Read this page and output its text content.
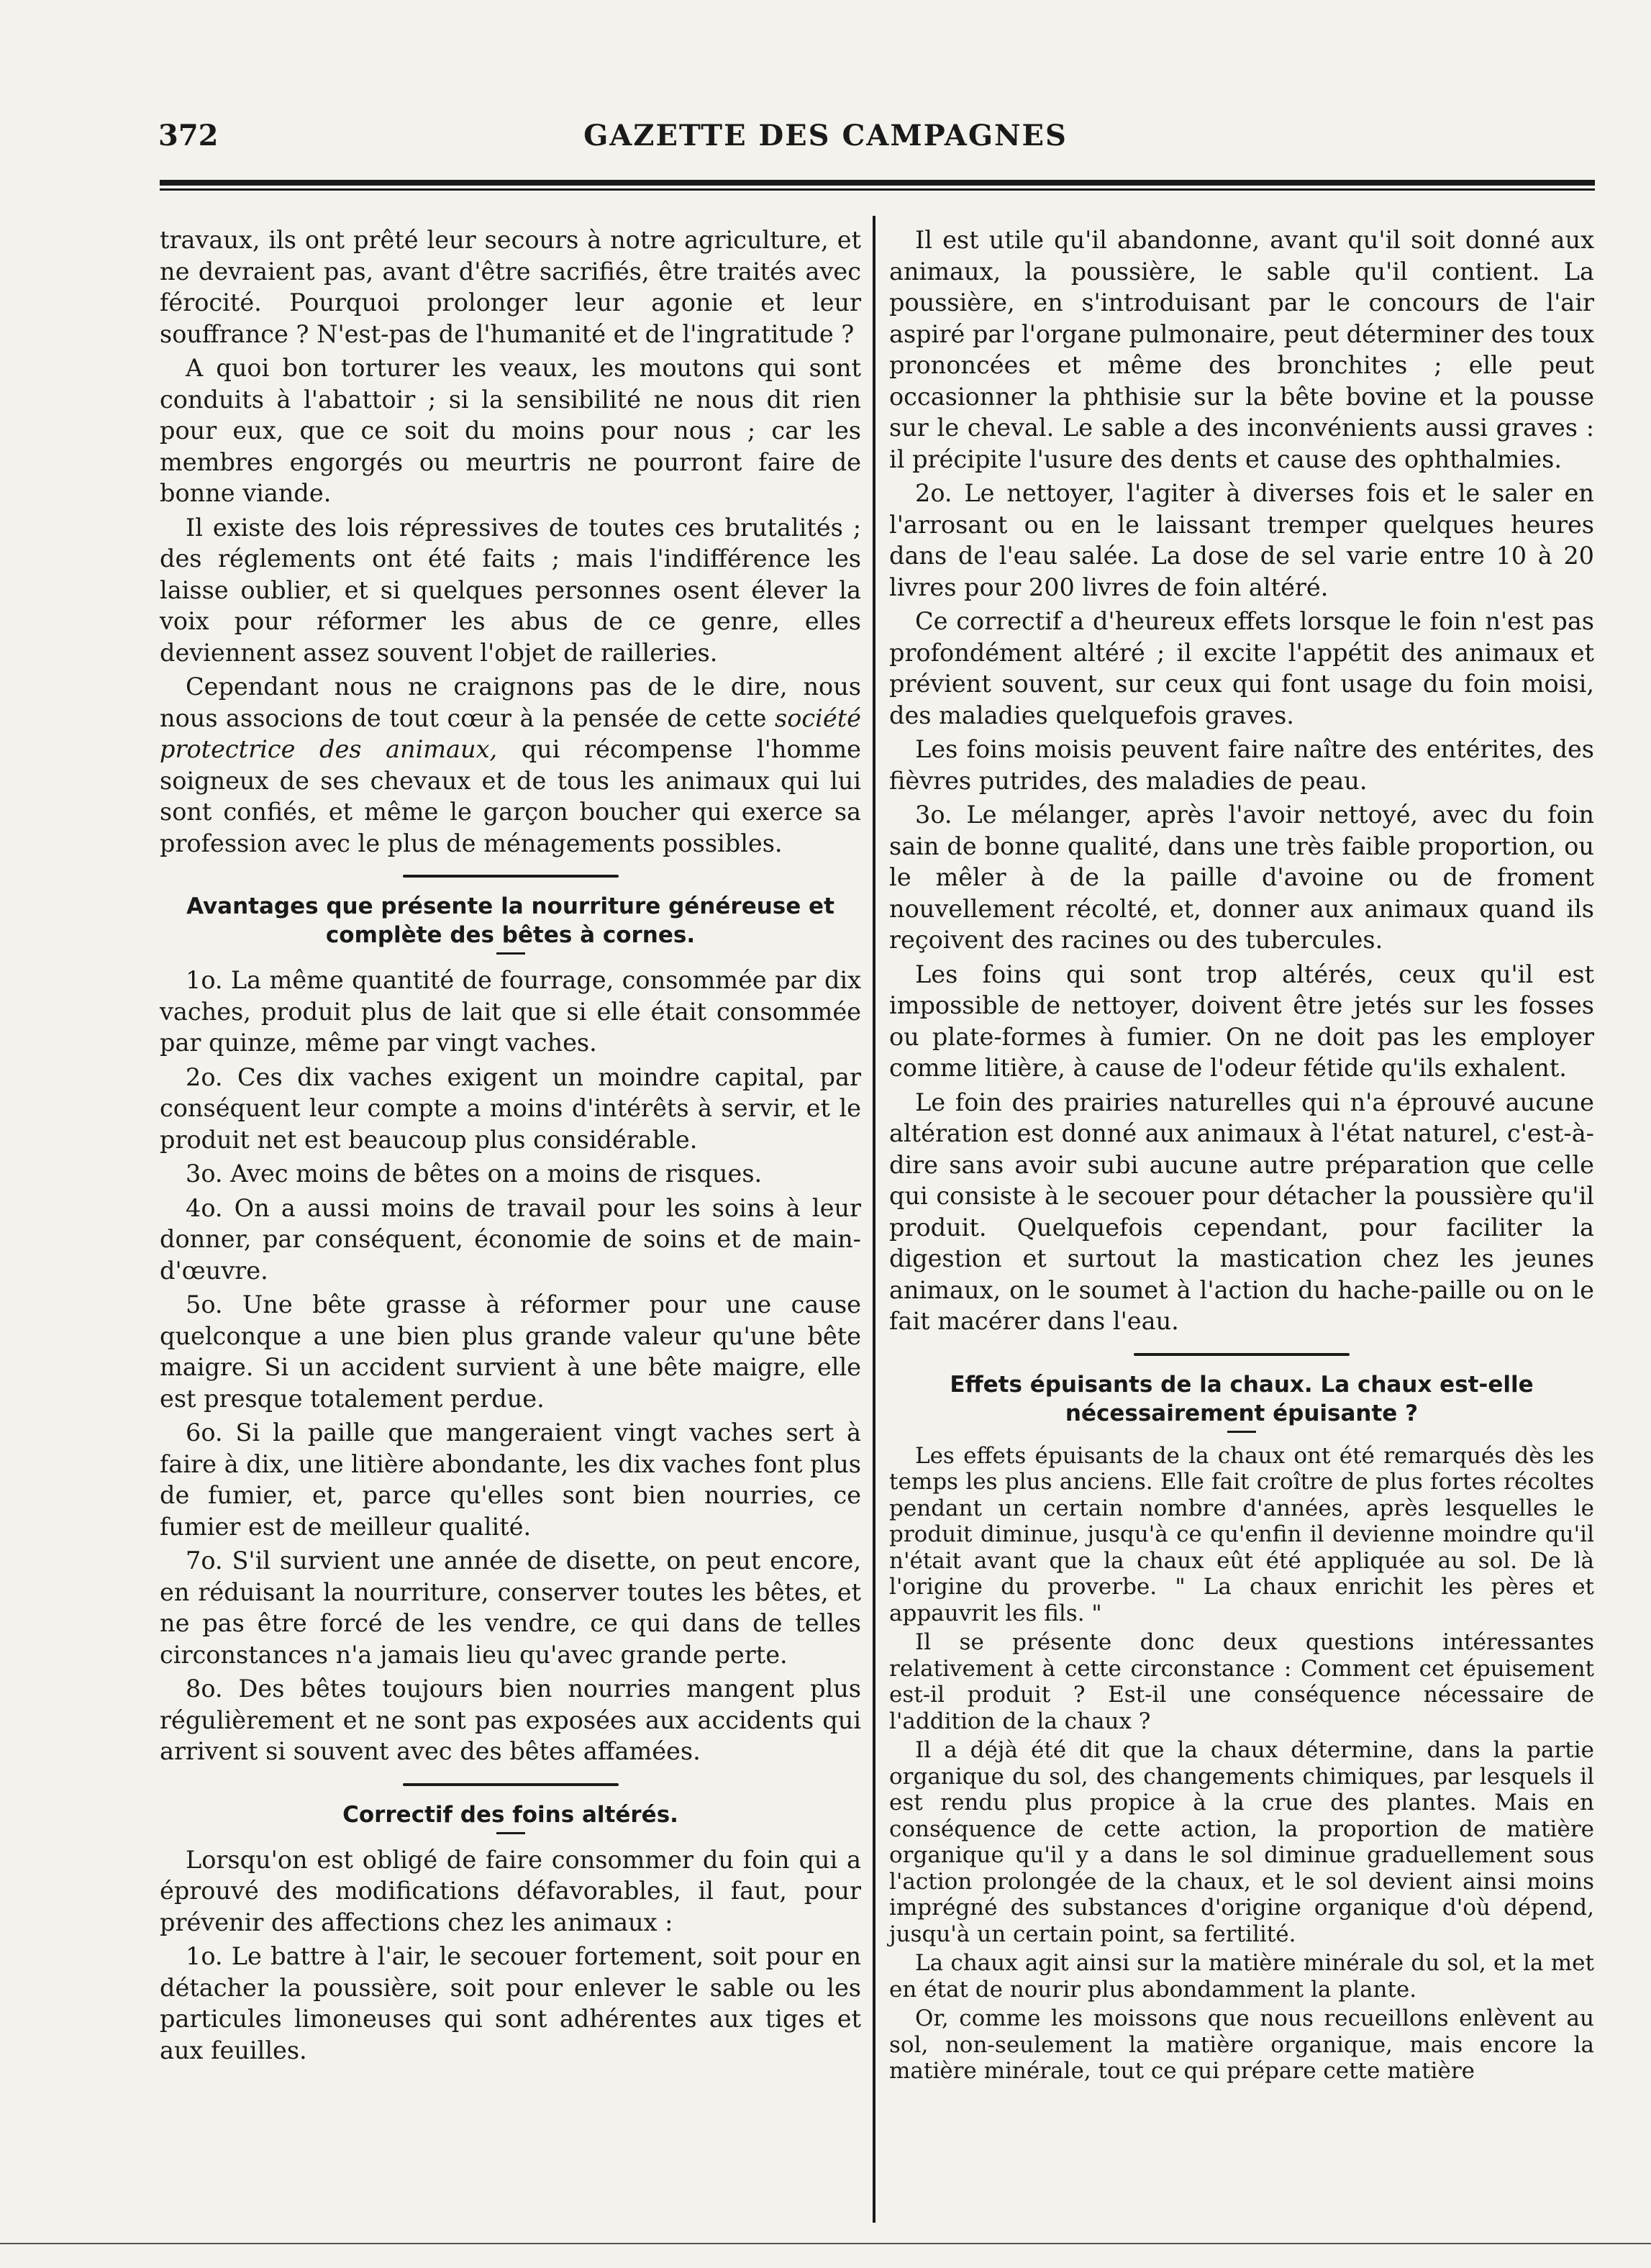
372	GAZETTE DES CAMPAGNES

travaux, ils ont prêté leur secours à notre agriculture, et ne devraient pas, avant d'être sacrifiés, être traités avec férocité. Pourquoi prolonger leur agonie et leur souffrance ? N'est-pas de l'humanité et de l'ingratitude ?

A quoi bon torturer les veaux, les moutons qui sont conduits à l'abattoir ; si la sensibilité ne nous dit rien pour eux, que ce soit du moins pour nous ; car les membres engorgés ou meurtris ne pourront faire de bonne viande.

Il existe des lois répressives de toutes ces brutalités ; des réglements ont été faits ; mais l'indifférence les laisse oublier, et si quelques personnes osent élever la voix pour réformer les abus de ce genre, elles deviennent assez souvent l'objet de railleries.

Cependant nous ne craignons pas de le dire, nous nous associons de tout cœur à la pensée de cette société protectrice des animaux, qui récompense l'homme soigneux de ses chevaux et de tous les animaux qui lui sont confiés, et même le garçon boucher qui exerce sa profession avec le plus de ménagements possibles.

Avantages que présente la nourriture généreuse et complète des bêtes à cornes.

1o. La même quantité de fourrage, consommée par dix vaches, produit plus de lait que si elle était consommée par quinze, même par vingt vaches.

2o. Ces dix vaches exigent un moindre capital, par conséquent leur compte a moins d'intérêts à servir, et le produit net est beaucoup plus considérable.

3o. Avec moins de bêtes on a moins de risques.

4o. On a aussi moins de travail pour les soins à leur donner, par conséquent, économie de soins et de main-d'œuvre.

5o. Une bête grasse à réformer pour une cause quelconque a une bien plus grande valeur qu'une bête maigre. Si un accident survient à une bête maigre, elle est presque totalement perdue.

6o. Si la paille que mangeraient vingt vaches sert à faire à dix, une litière abondante, les dix vaches font plus de fumier, et, parce qu'elles sont bien nourries, ce fumier est de meilleur qualité.

7o. S'il survient une année de disette, on peut encore, en réduisant la nourriture, conserver toutes les bêtes, et ne pas être forcé de les vendre, ce qui dans de telles circonstances n'a jamais lieu qu'avec grande perte.

8o. Des bêtes toujours bien nourries mangent plus régulièrement et ne sont pas exposées aux accidents qui arrivent si souvent avec des bêtes affamées.

Correctif des foins altérés.

Lorsqu'on est obligé de faire consommer du foin qui a éprouvé des modifications défavorables, il faut, pour prévenir des affections chez les animaux :

1o. Le battre à l'air, le secouer fortement, soit pour en détacher la poussière, soit pour enlever le sable ou les particules limoneuses qui sont adhérentes aux tiges et aux feuilles.

Il est utile qu'il abandonne, avant qu'il soit donné aux animaux, la poussière, le sable qu'il contient. La poussière, en s'introduisant par le concours de l'air aspiré par l'organe pulmonaire, peut déterminer des toux prononcées et même des bronchites ; elle peut occasionner la phthisie sur la bête bovine et la pousse sur le cheval. Le sable a des inconvénients aussi graves : il précipite l'usure des dents et cause des ophthalmies.

2o. Le nettoyer, l'agiter à diverses fois et le saler en l'arrosant ou en le laissant tremper quelques heures dans de l'eau salée. La dose de sel varie entre 10 à 20 livres pour 200 livres de foin altéré.

Ce correctif a d'heureux effets lorsque le foin n'est pas profondément altéré ; il excite l'appétit des animaux et prévient souvent, sur ceux qui font usage du foin moisi, des maladies quelquefois graves.

Les foins moisis peuvent faire naître des entérites, des fièvres putrides, des maladies de peau.

3o. Le mélanger, après l'avoir nettoyé, avec du foin sain de bonne qualité, dans une très faible proportion, ou le mêler à de la paille d'avoine ou de froment nouvellement récolté, et, donner aux animaux quand ils reçoivent des racines ou des tubercules.

Les foins qui sont trop altérés, ceux qu'il est impossible de nettoyer, doivent être jetés sur les fosses ou plate-formes à fumier. On ne doit pas les employer comme litière, à cause de l'odeur fétide qu'ils exhalent.

Le foin des prairies naturelles qui n'a éprouvé aucune altération est donné aux animaux à l'état naturel, c'est-à-dire sans avoir subi aucune autre préparation que celle qui consiste à le secouer pour détacher la poussière qu'il produit. Quelquefois cependant, pour faciliter la digestion et surtout la mastication chez les jeunes animaux, on le soumet à l'action du hache-paille ou on le fait macérer dans l'eau.

Effets épuisants de la chaux. La chaux est-elle nécessairement épuisante ?

Les effets épuisants de la chaux ont été remarqués dès les temps les plus anciens. Elle fait croître de plus fortes récoltes pendant un certain nombre d'années, après lesquelles le produit diminue, jusqu'à ce qu'enfin il devienne moindre qu'il n'était avant que la chaux eût été appliquée au sol. De là l'origine du proverbe. " La chaux enrichit les pères et appauvrit les fils. "

Il se présente donc deux questions intéressantes relativement à cette circonstance : Comment cet épuisement est-il produit ? Est-il une conséquence nécessaire de l'addition de la chaux ?

Il a déjà été dit que la chaux détermine, dans la partie organique du sol, des changements chimiques, par lesquels il est rendu plus propice à la crue des plantes. Mais en conséquence de cette action, la proportion de matière organique qu'il y a dans le sol diminue graduellement sous l'action prolongée de la chaux, et le sol devient ainsi moins imprégné des substances d'origine organique d'où dépend, jusqu'à un certain point, sa fertilité.

La chaux agit ainsi sur la matière minérale du sol, et la met en état de nourir plus abondamment la plante.

Or, comme les moissons que nous recueillons enlèvent au sol, non-seulement la matière organique, mais encore la matière minérale, tout ce qui prépare cette matière
